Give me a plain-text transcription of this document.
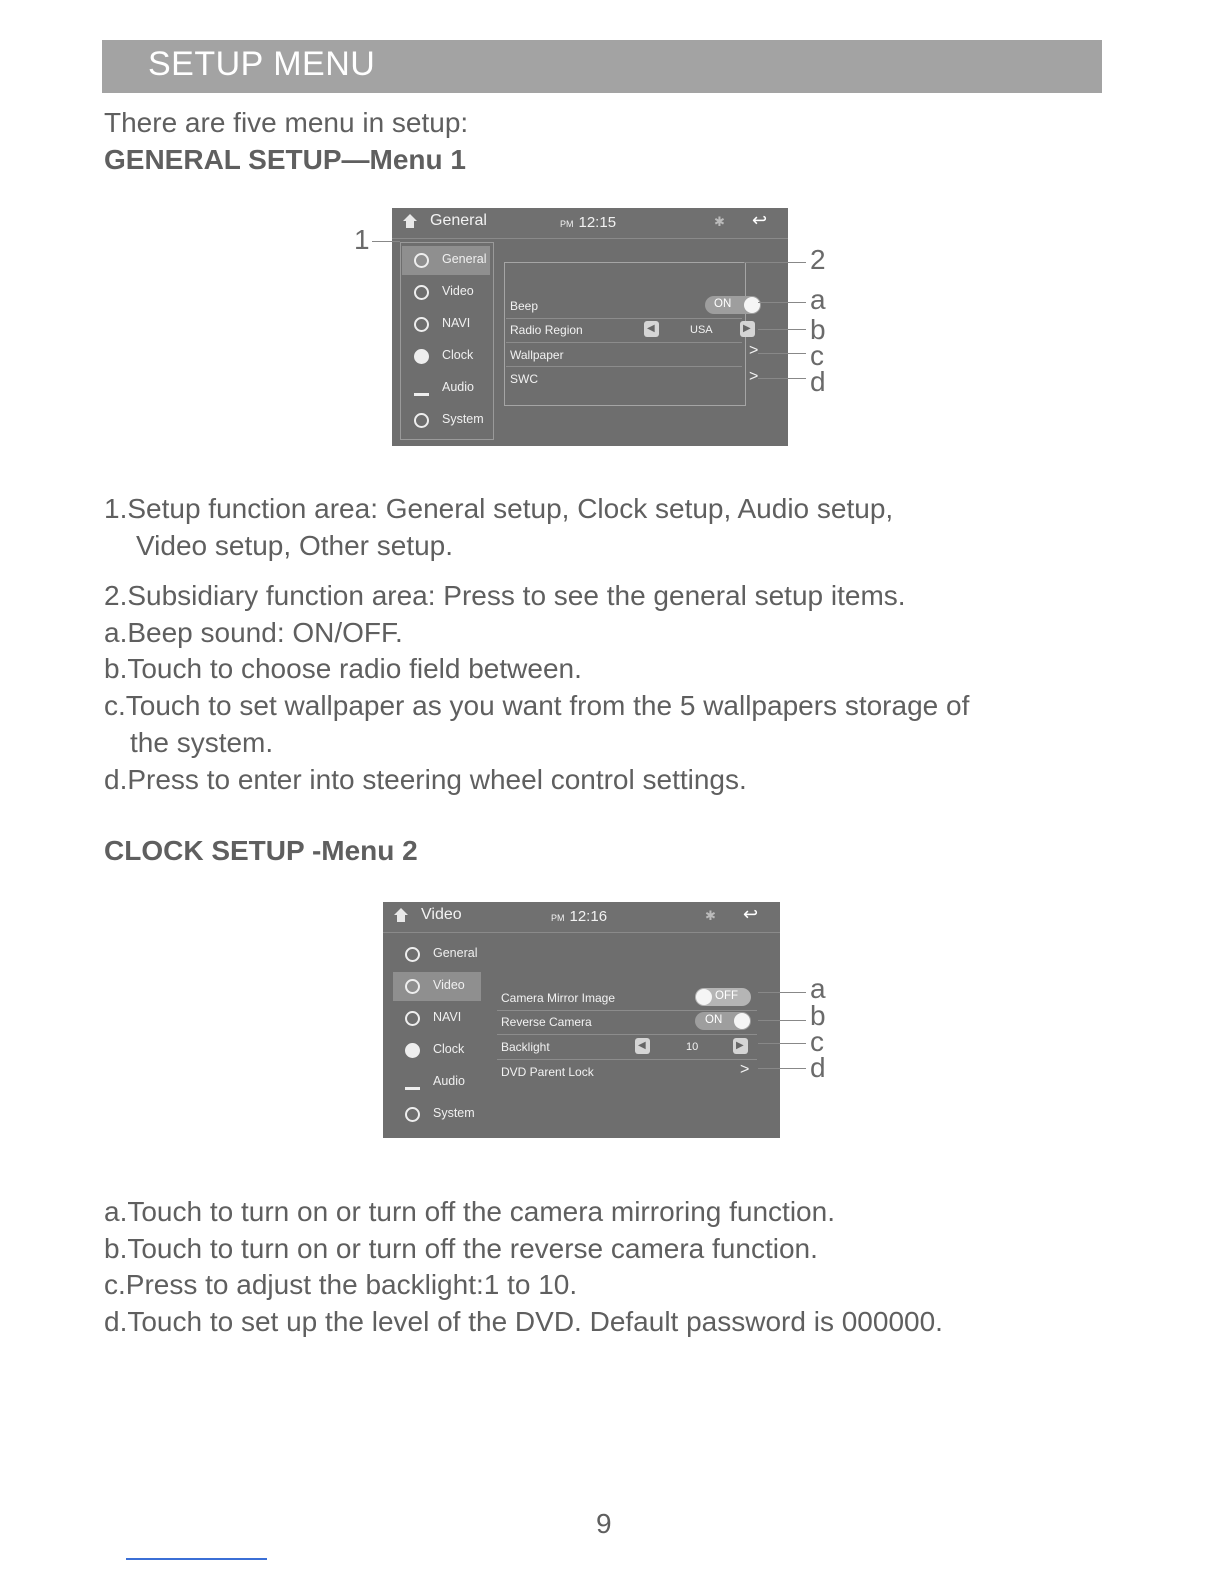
SETUP MENU
There are five menu in setup:
GENERAL SETUP—Menu 1
General	PM 12:15	✱ ↩
General
Video
NAVI
Clock
Audio
System
Beep	ON
Radio Region	◀	USA	▶
Wallpaper	>
SWC	>
1
2
a
b
c
d
1.Setup function area: General setup, Clock setup, Audio setup,
Video setup, Other setup.
2.Subsidiary function area: Press to see the general setup items.
a.Beep sound: ON/OFF.
b.Touch to choose radio field between.
c.Touch to set wallpaper as you want from the 5 wallpapers storage of
the system.
d.Press to enter into steering wheel control settings.
CLOCK SETUP -Menu 2
Video	PM 12:16	✱ ↩
General
Video
NAVI
Clock
Audio
System
Camera Mirror Image	OFF
Reverse Camera	ON
Backlight	◀	10	▶
DVD Parent Lock	>
a
b
c
d
a.Touch to turn on or turn off the camera mirroring function.
b.Touch to turn on or turn off the reverse camera function.
c.Press to adjust the backlight:1 to 10.
d.Touch to set up the level of the DVD. Default password is 000000.
9
